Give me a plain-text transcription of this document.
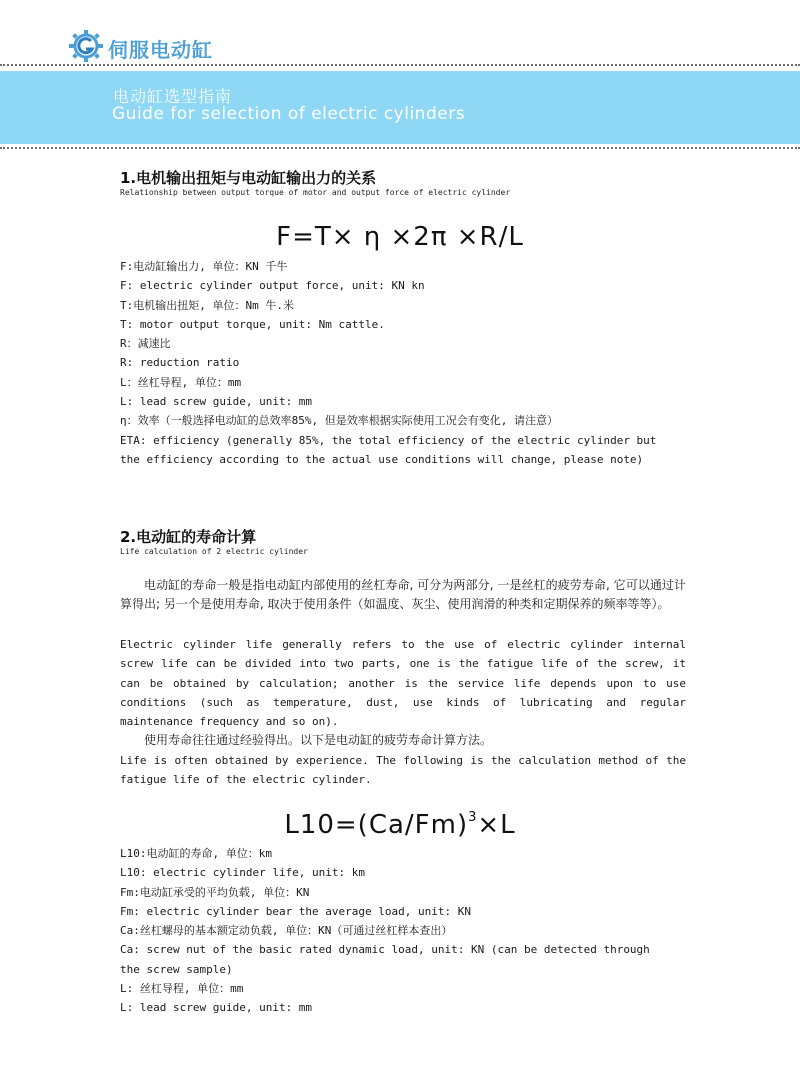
伺服电动缸
电动缸选型指南
Guide for selection of electric cylinders
1.电机输出扭矩与电动缸输出力的关系
Relationship between output torque of motor and output force of electric cylinder
F=T× η ×2π ×R/L
F:电动缸输出力, 单位：KN 千牛
F: electric cylinder output force, unit: KN kn
T:电机输出扭矩, 单位：Nm 牛.米
T: motor output torque, unit: Nm cattle.
R：减速比
R: reduction ratio
L：丝杠导程, 单位：mm
L: lead screw guide, unit: mm
η：效率（一般选择电动缸的总效率85%, 但是效率根据实际使用工况会有变化, 请注意）
ETA: efficiency (generally 85%, the total efficiency of the electric cylinder but
the efficiency according to the actual use conditions will change, please note)
2.电动缸的寿命计算
Life calculation of 2 electric cylinder

电动缸的寿命一般是指电动缸内部使用的丝杠寿命, 可分为两部分, 一是丝杠的疲劳寿命, 它可以通过计算得出; 另一个是使用寿命, 取决于使用条件（如温度、灰尘、使用润滑的种类和定期保养的频率等等）。

Electric cylinder life generally refers to the use of electric cylinder internal screw life can be divided into two parts, one is the fatigue life of the screw, it can be obtained by calculation; another is the service life depends upon to use conditions (such as temperature, dust, use kinds of lubricating and regular maintenance frequency and so on).

使用寿命往往通过经验得出。以下是电动缸的疲劳寿命计算方法。

Life is often obtained by experience. The following is the calculation method of the fatigue life of the electric cylinder.

$L10=(Ca/Fm)^3\times L$
L10:电动缸的寿命, 单位：km
L10: electric cylinder life, unit: km
Fm:电动缸承受的平均负载, 单位：KN
Fm: electric cylinder bear the average load, unit: KN
Ca:丝杠螺母的基本额定动负载, 单位：KN（可通过丝杠样本查出）
Ca: screw nut of the basic rated dynamic load, unit: KN (can be detected through
the screw sample)
L: 丝杠导程, 单位：mm
L: lead screw guide, unit: mm
